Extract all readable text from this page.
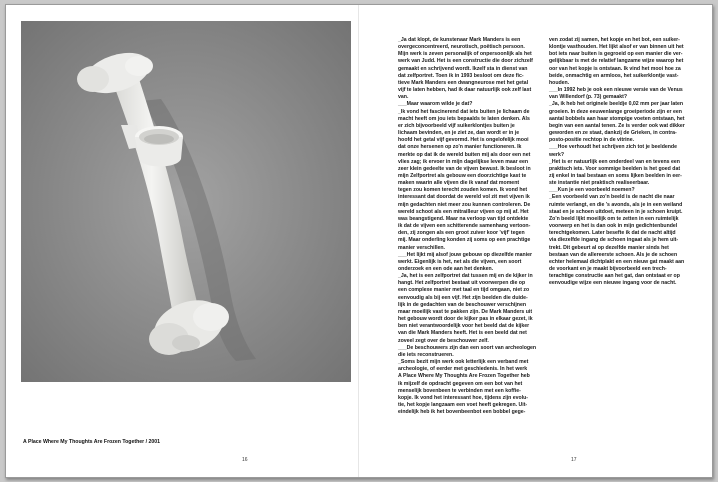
A Place Where My Thoughts Are Frozen Together / 2001
16	17

_Ja dat klopt, de kunstenaar Mark Manders is een

overgeconcentreerd, neurotisch, poëtisch persoon.

Mijn werk is zeven personalijk of onpersoonlijk als het

werk van Judd. Het is een constructie die door zichzelf

gemaakt en schrijvend wordt. Ikzelf sta in dienst van

dat zelfportret. Toen ik in 1993 besloot om deze fic-

tieve Mark Manders een dwangneurose met het getal

vijf te laten hebben, had ik daar natuurlijk ook zelf last

van.

___Maar waarom wilde je dat?

_Ik vond het fascinerend dat iets buiten je lichaam de

macht heeft om jou iets bepaalds te laten denken. Als

er zich bijvoorbeeld vijf suikerklontjes buiten je

lichaam bevinden, en je ziet ze, dan wordt er in je

hoofd het getal vijf gevormd. Het is ongelofelijk mooi

dat onze hersenen op zo'n manier functioneren. Ik

merkte op dat ik de wereld buiten mij als door een net

vlies zag; ik ervoer in mijn dagelijkse leven maar een

zeer klein gedeelte van de vijven bewust. Ik besloot in

mijn Zelfportret als gebouw een doorzichtige kast te

maken waarin alle vijven die ik vanaf dat moment

tegen zou komen terecht zouden komen. Ik vond het

interessant dat doordat de wereld vol zit met vijven ik

mijn gedachten niet meer zou kunnen controleren. De

wereld schoot als een mitrailleur vijven op mij af. Het

was beangstigend. Maar na verloop van tijd ontdekte

ik dat de vijven een schitterende samenhang vertoon-

den, zij zongen als een groot zuiver koor 'vijf' tegen

mij. Maar onderling konden zij soms op een prachtige

manier verschillen.

___Het lijkt mij alsof jouw gebouw op diezelfde manier

werkt. Eigenlijk is het, net als die vijven, een soort

onderzoek en een ode aan het denken.

_Ja, het is een zelfportret dat tussen mij en de kijker in

hangt. Het zelfportret bestaat uit voorwerpen die op

een complexe manier met taal en tijd omgaan, niet zo

eenvoudig als bij een vijf. Het zijn beelden die duide-

lijk in de gedachten van de beschouwer verschijnen

maar moeilijk vast te pakken zijn. De Mark Manders uit

het gebouw wordt door de kijker pas in elkaar gezet, ik

ben niet verantwoordelijk voor het beeld dat de kijker

van die Mark Manders heeft. Het is een beeld dat net

zoveel zegt over de beschouwer zelf.

___De beschouwers zijn dan een soort van archeologen

die iets reconstrueren.

_Soms bezit mijn werk ook letterlijk een verband met

archeologie, of eerder met geschiedenis. In het werk

A Place Where My Thoughts Are Frozen Together heb

ik mijzelf de opdracht gegeven om een bot van het

menselijk bovenbeen te verbinden met een koffie-

kopje. Ik vond het interessant hoe, tijdens zijn evolu-

tie, het kopje langzaam een voet heeft gekregen. Uit-

eindelijk heb ik het bovenbeenbot een bobbel gege-

ven zodat zij samen, het kopje en het bot, een suiker-

klontje vasthouden. Het lijkt alsof er van binnen uit het

bot iets naar buiten is gegroeid op een manier die ver-

gelijkbaar is met de relatief langzame wijze waarop het

oor van het kopje is ontstaan. Ik vind het mooi hoe za

beide, onmachtig en armloos, het suikerklontje vast-

houden.

___In 1992 heb je ook een nieuwe versie van de Venus

van Willendorf (p. 73) gemaakt?

_Ja, ik heb het originele beeldje 0,02 mm per jaar laten

groeien. In deze eeuwenlange groeiperiode zijn er een

aantal bobbels aan haar stompige voeten ontstaan, het

begin van een aantal tenen. Ze is verder ook wat dikker

geworden en ze staat, dankzij de Grieken, in contra-

posto-positie rechtop in de vitrine.

___Hoe verhoudt het schrijven zich tot je beeldende

werk?

_Het is er natuurlijk een onderdeel van en tevens een

praktisch iets. Voor sommige beelden is het goed dat

zij enkel in taal bestaan en soms lijken beelden in eer-

ste instantie niet praktisch realiseerbaar.

___Kun je een voorbeeld noemen?

_Een voorbeeld van zo'n beeld is de nacht die naar

ruimte verlangt, en die 's avonds, als je in een weiland

staat en je schoen uitdoet, meteen in je schoen kruipt.

Zo'n beeld lijkt moeilijk om te zetten in een ruimtelijk

voorwerp en het is dan ook in mijn gedichtenbundel

terechtgekomen. Later besefte ik dat de nacht altijd

via diezelfde ingang de schoen ingaat als je hem uit-

trekt. Dit gebeurt al op dezelfde manier sinds het

bestaan van de allereerste schoen. Als je de schoen

echter helemaal dichtplakt en een nieuw gat maakt aan

de voorkant en je maakt bijvoorbeeld een trech-

terachtige constructie aan het gat, dan ontstaat er op

eenvoudige wijze een nieuwe ingang voor de nacht.
